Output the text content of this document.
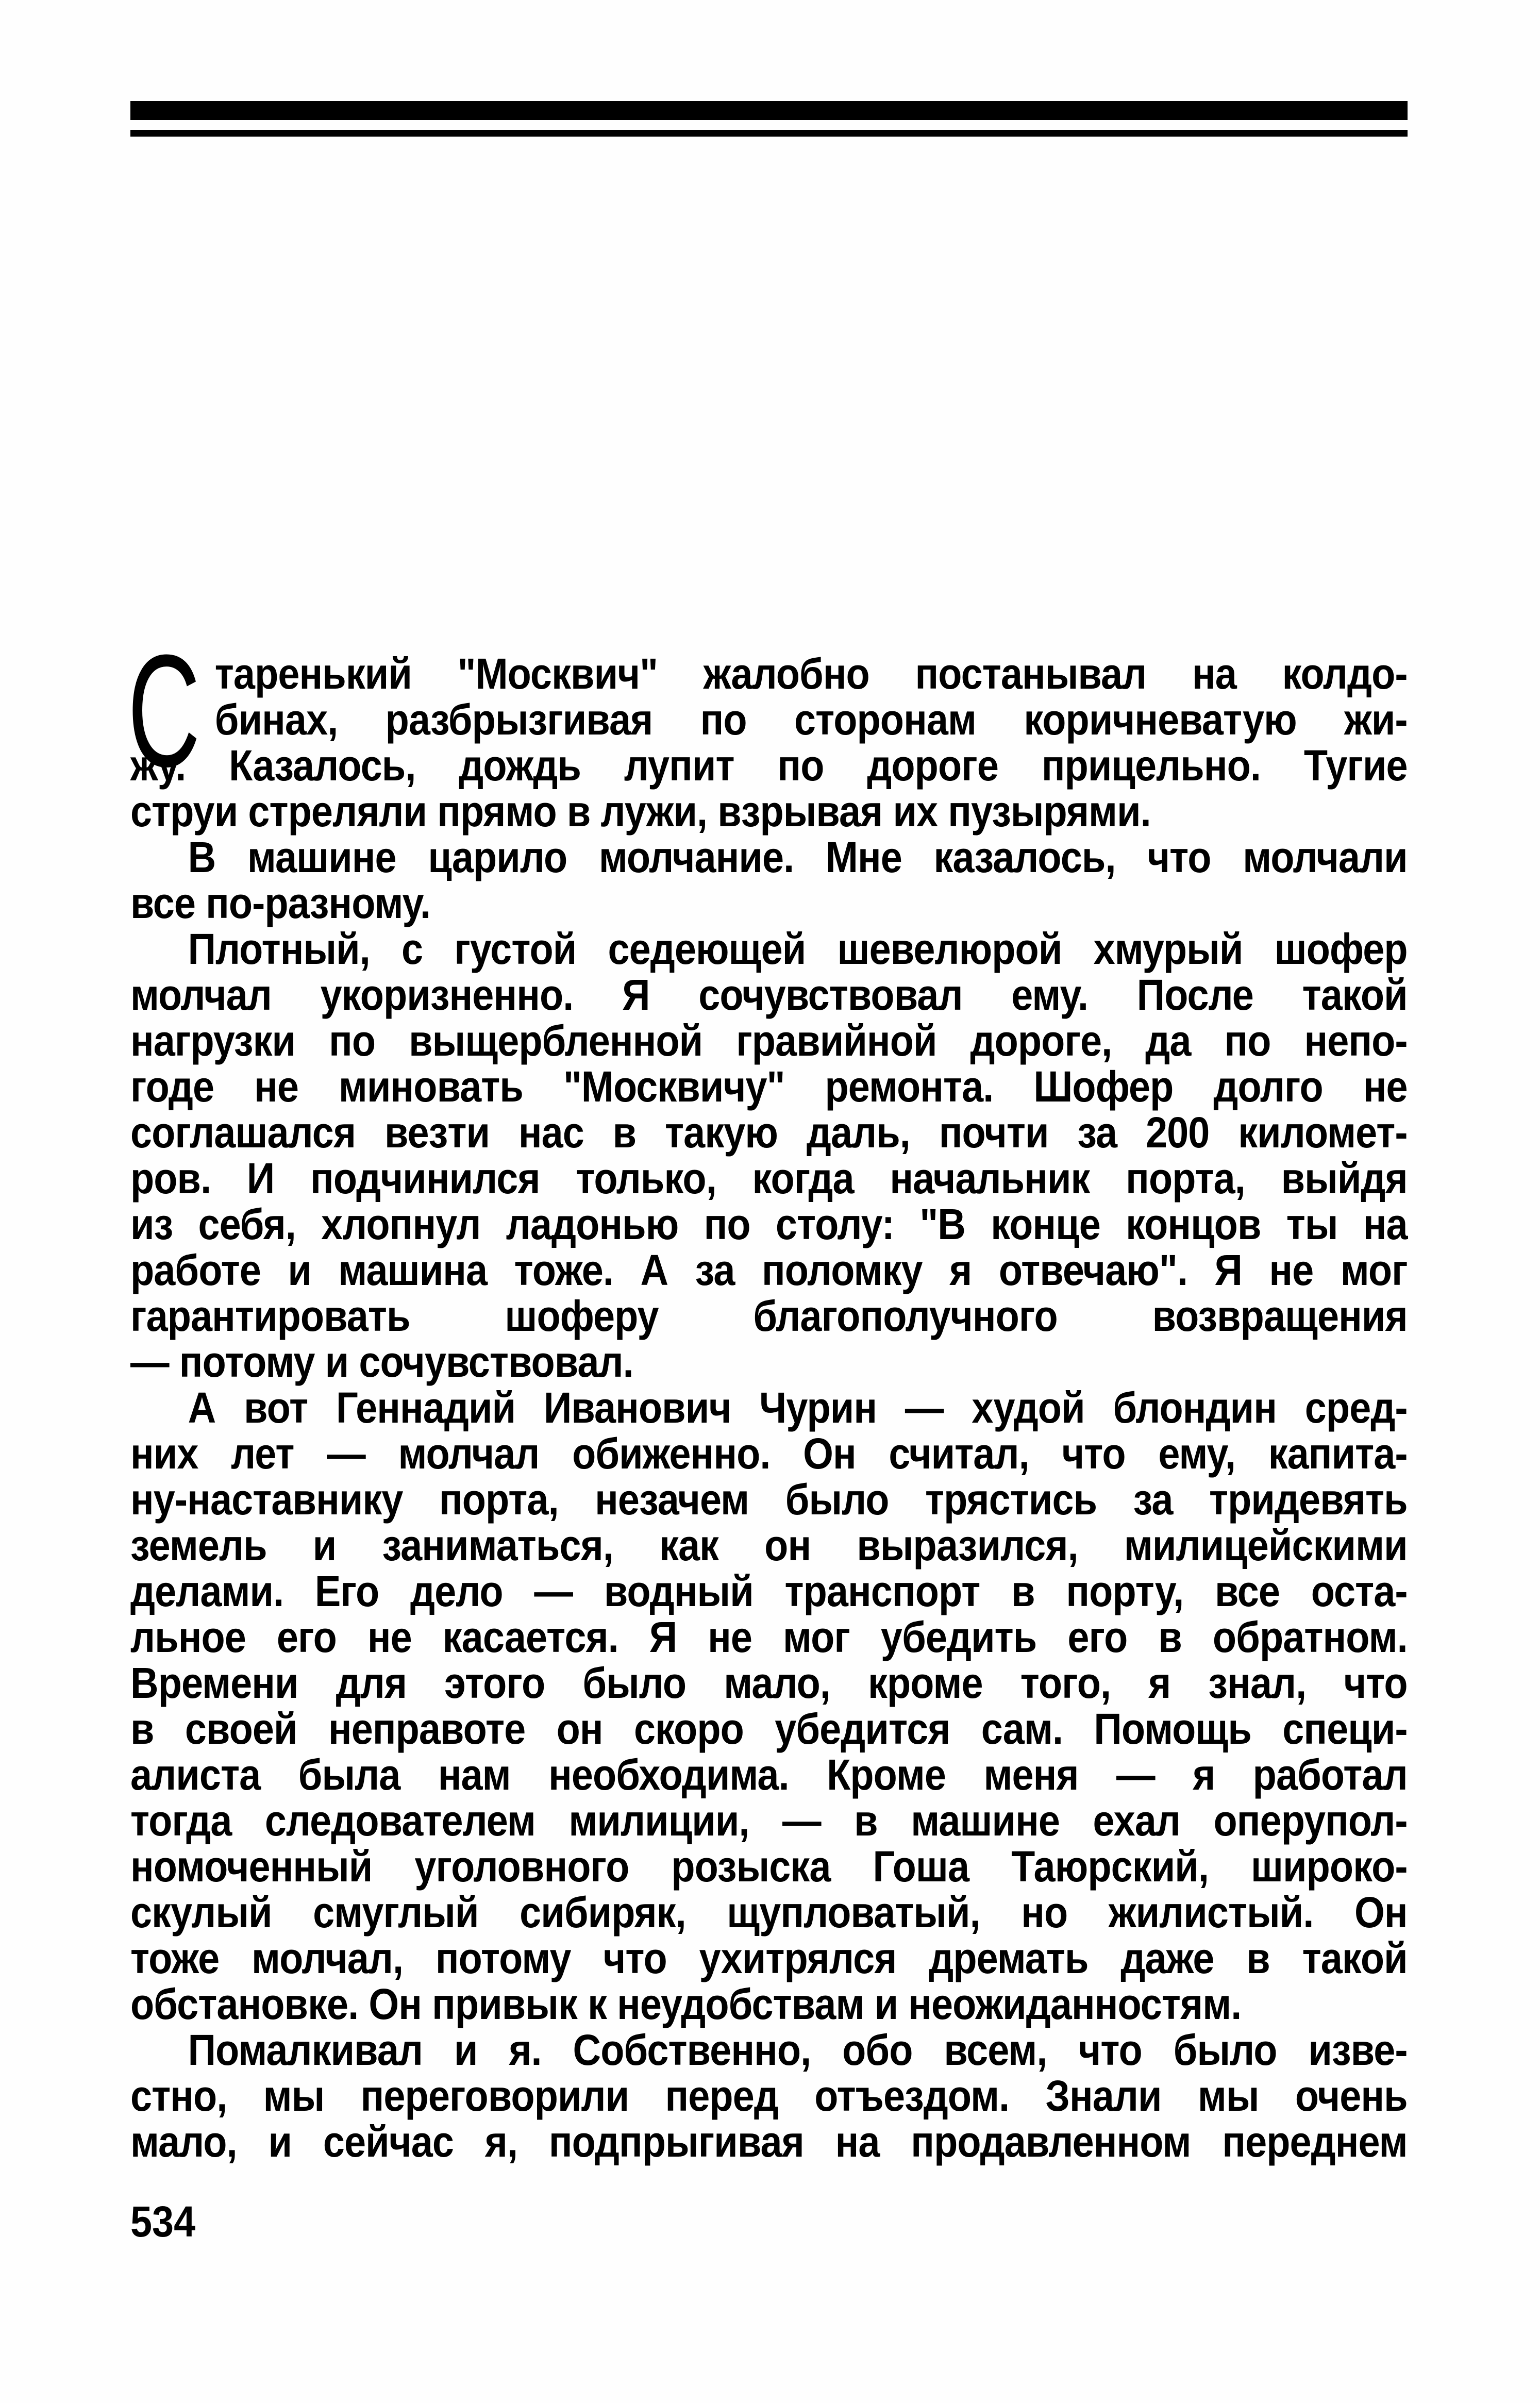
С таренький "Москвич" жалобно постанывал на колдо-
бинах, разбрызгивая по сторонам коричневатую жи-
жу. Казалось, дождь лупит по дороге прицельно. Тугие
струи стреляли прямо в лужи, взрывая их пузырями.
В машине царило молчание. Мне казалось, что молчали
все по-разному.
Плотный, с густой седеющей шевелюрой хмурый шофер
молчал укоризненно. Я сочувствовал ему. После такой
нагрузки по выщербленной гравийной дороге, да по непо-
годе не миновать "Москвичу" ремонта. Шофер долго не
соглашался везти нас в такую даль, почти за 200 километ-
ров. И подчинился только, когда начальник порта, выйдя
из себя, хлопнул ладонью по столу: "В конце концов ты на
работе и машина тоже. А за поломку я отвечаю". Я не мог
гарантировать шоферу благополучного возвращения
— потому и сочувствовал.
А вот Геннадий Иванович Чурин — худой блондин сред-
них лет — молчал обиженно. Он считал, что ему, капита-
ну-наставнику порта, незачем было трястись за тридевять
земель и заниматься, как он выразился, милицейскими
делами. Его дело — водный транспорт в порту, все оста-
льное его не касается. Я не мог убедить его в обратном.
Времени для этого было мало, кроме того, я знал, что
в своей неправоте он скоро убедится сам. Помощь специ-
алиста была нам необходима. Кроме меня — я работал
тогда следователем милиции, — в машине ехал оперупол-
номоченный уголовного розыска Гоша Таюрский, широко-
скулый смуглый сибиряк, щупловатый, но жилистый. Он
тоже молчал, потому что ухитрялся дремать даже в такой
обстановке. Он привык к неудобствам и неожиданностям.
Помалкивал и я. Собственно, обо всем, что было изве-
стно, мы переговорили перед отъездом. Знали мы очень
мало, и сейчас я, подпрыгивая на продавленном переднем
534
